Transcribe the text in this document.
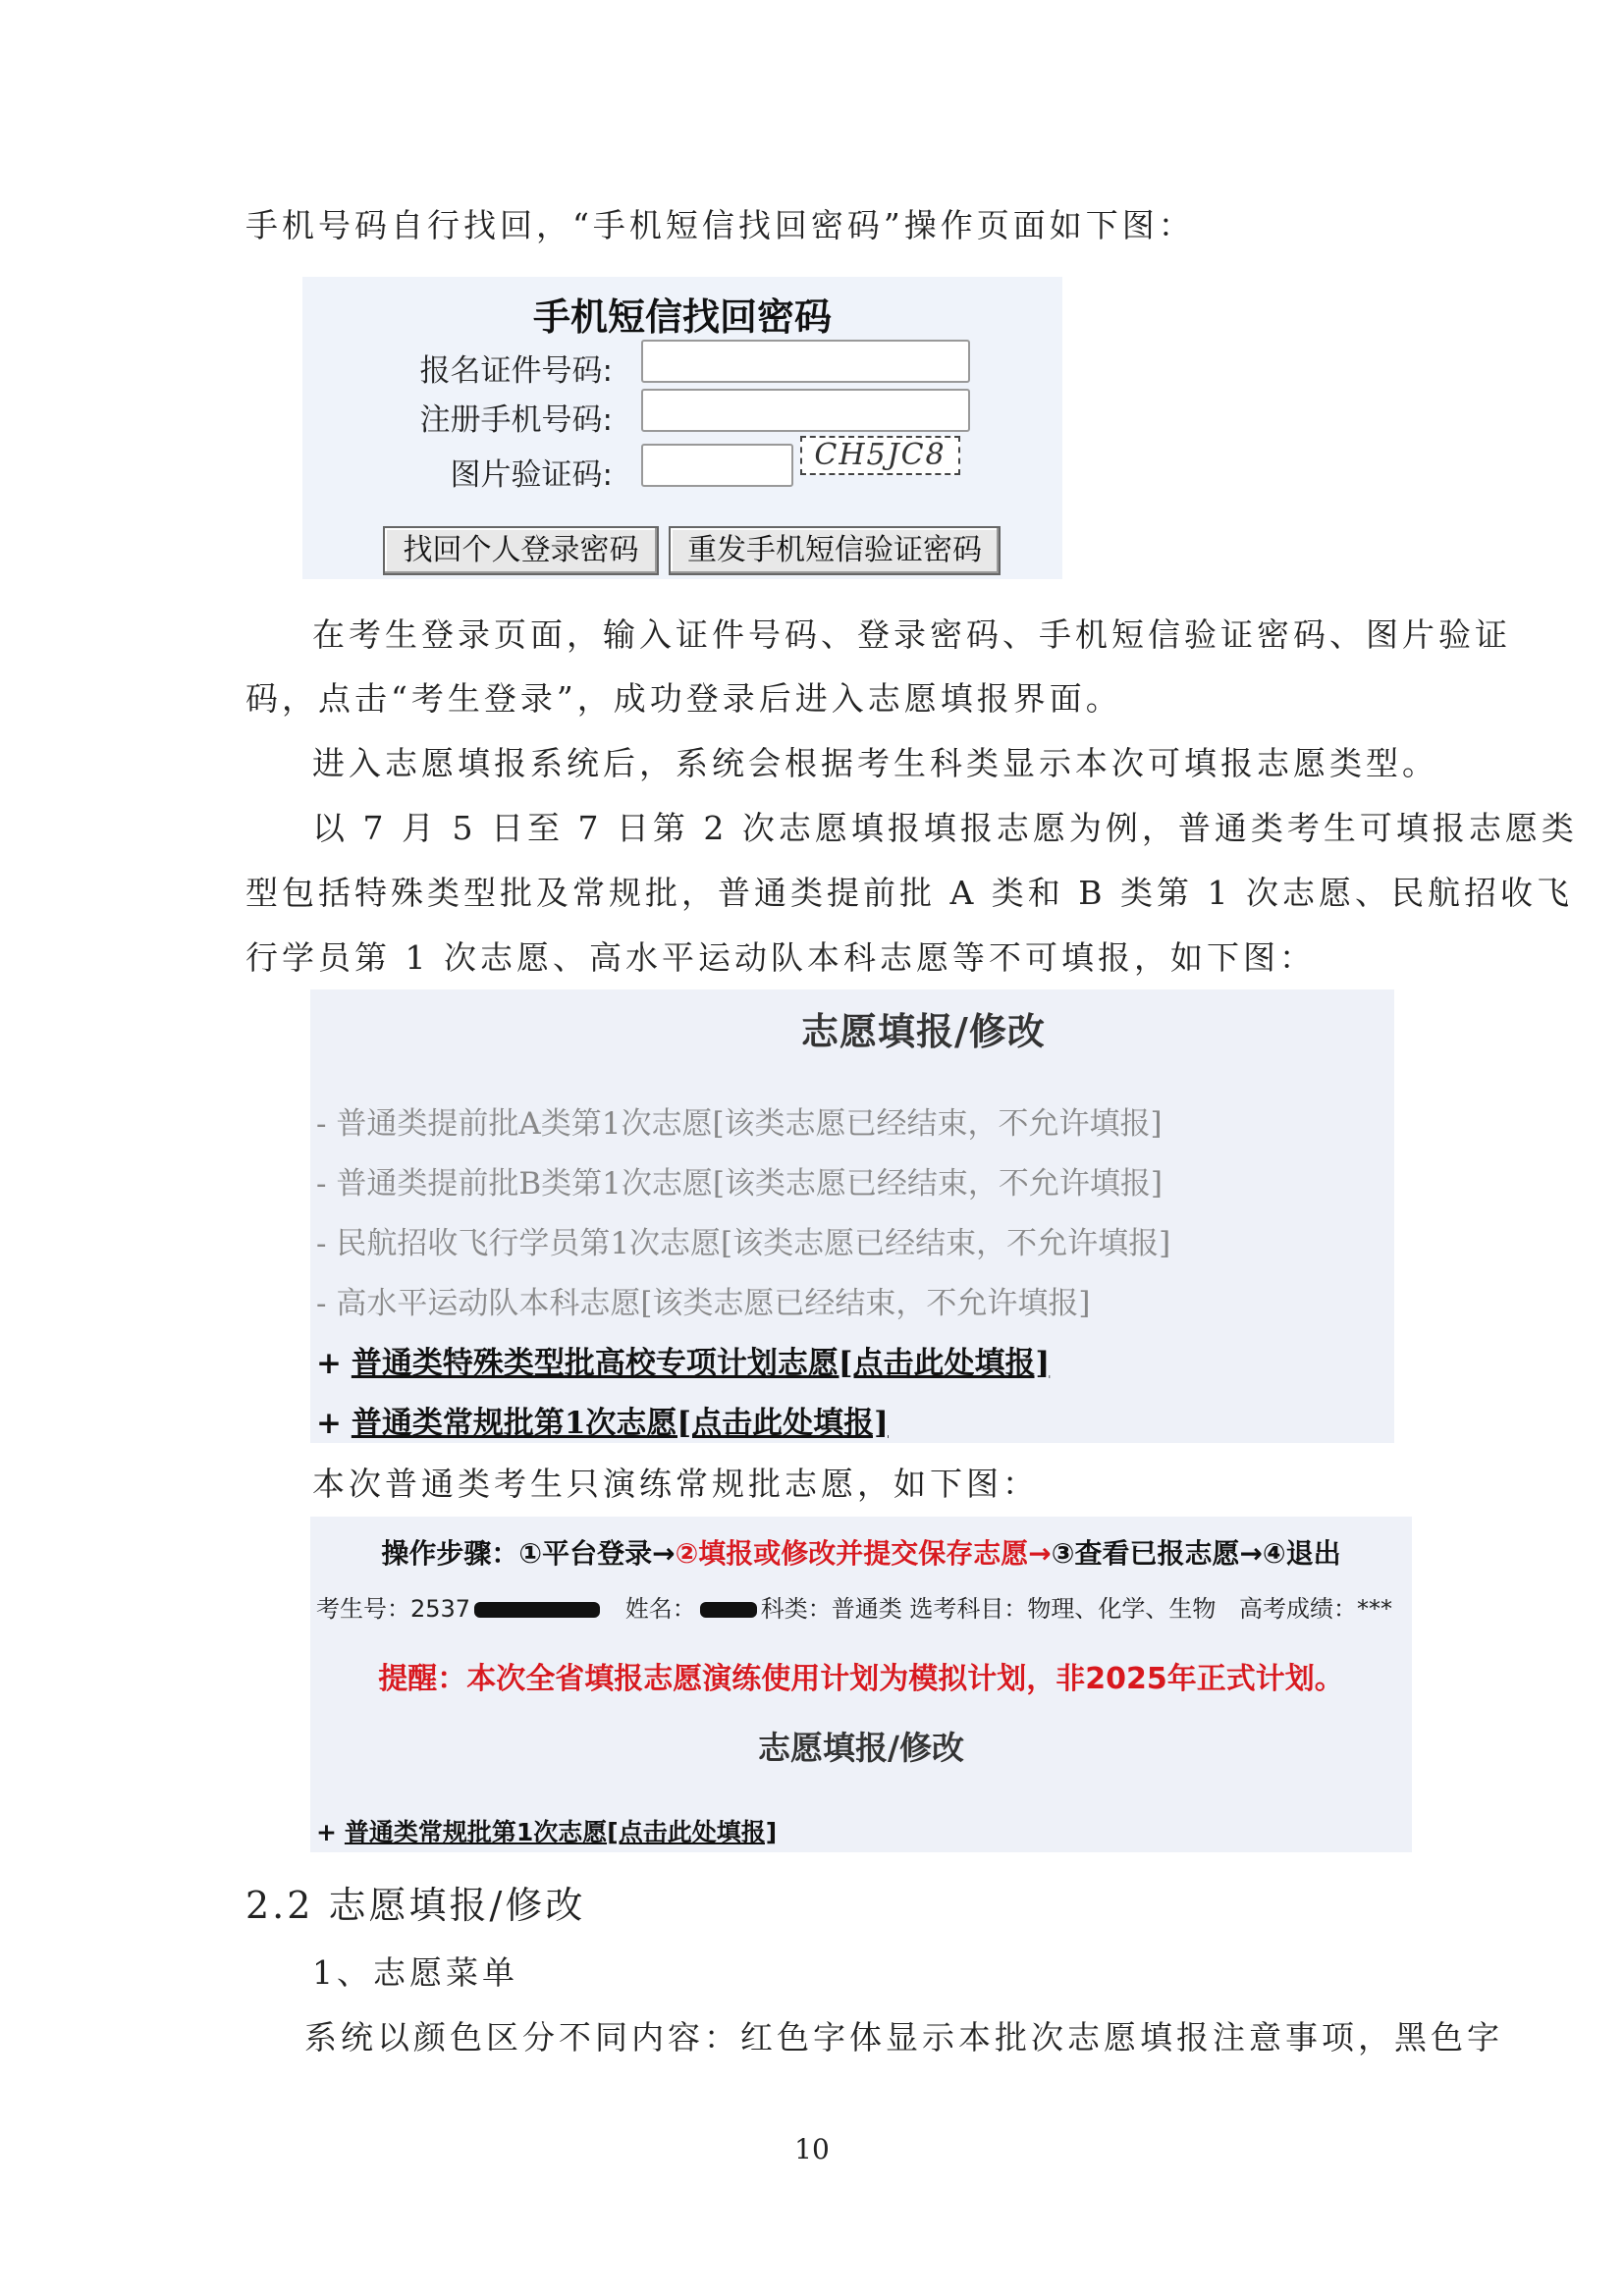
手机号码自行找回，“手机短信找回密码”操作页面如下图：

手机短信找回密码
报名证件号码:
注册手机号码:
图片验证码:
CH5JC8
找回个人登录密码	重发手机短信验证密码

在考生登录页面，输入证件号码、登录密码、手机短信验证密码、图片验证

码，点击“考生登录”，成功登录后进入志愿填报界面。

进入志愿填报系统后，系统会根据考生科类显示本次可填报志愿类型。

以 7 月 5 日至 7 日第 2 次志愿填报填报志愿为例，普通类考生可填报志愿类

型包括特殊类型批及常规批，普通类提前批 A 类和 B 类第 1 次志愿、民航招收飞

行学员第 1 次志愿、高水平运动队本科志愿等不可填报，如下图：

志愿填报/修改
- 普通类提前批A类第1次志愿[该类志愿已经结束，不允许填报]
- 普通类提前批B类第1次志愿[该类志愿已经结束，不允许填报]
- 民航招收飞行学员第1次志愿[该类志愿已经结束，不允许填报]
- 高水平运动队本科志愿[该类志愿已经结束，不允许填报]
+ 普通类特殊类型批高校专项计划志愿[点击此处填报]
+ 普通类常规批第1次志愿[点击此处填报]

本次普通类考生只演练常规批志愿，如下图：

操作步骤：①平台登录→②填报或修改并提交保存志愿→③查看已报志愿→④退出
考生号：2537	姓名：	科类：普通类 选考科目：物理、化学、生物 高考成绩：***
提醒：本次全省填报志愿演练使用计划为模拟计划，非2025年正式计划。
志愿填报/修改
+ 普通类常规批第1次志愿[点击此处填报]
2.2 志愿填报/修改

1、志愿菜单

系统以颜色区分不同内容：红色字体显示本批次志愿填报注意事项，黑色字

10
